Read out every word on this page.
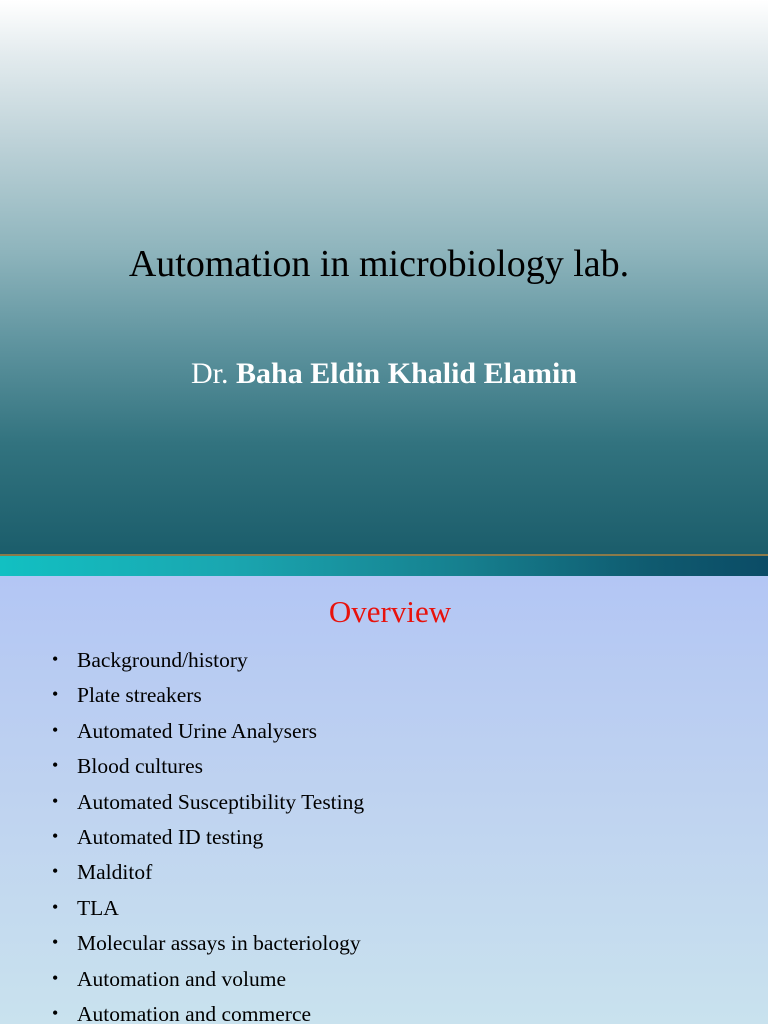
Automation in microbiology lab.
Dr. Baha Eldin Khalid Elamin
Overview
• Background/history
• Plate streakers
• Automated Urine Analysers
• Blood cultures
• Automated Susceptibility Testing
• Automated ID testing
• Malditof
• TLA
• Molecular assays in bacteriology
• Automation and volume
• Automation and commerce
